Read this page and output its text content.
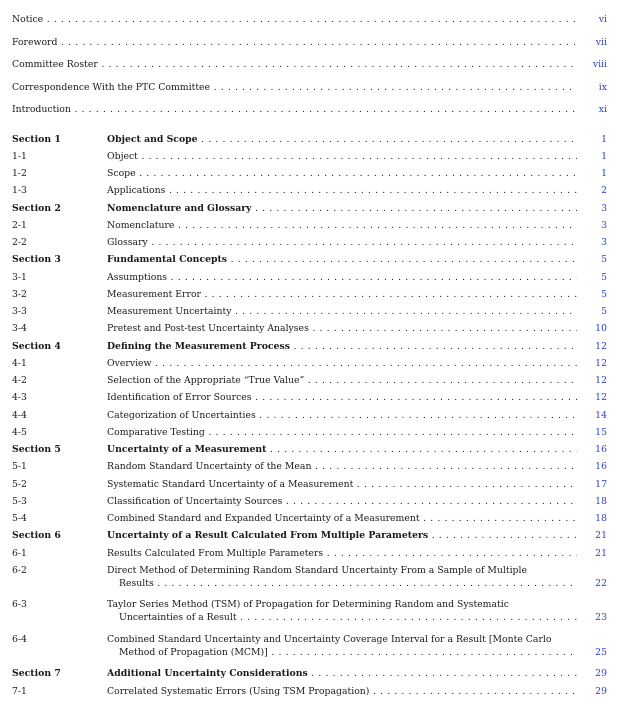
Notice . . .	vi
Foreword . . .	vii
Committee Roster . . .	viii
Correspondence With the PTC Committee . . .	ix
Introduction . . .	xi
Section 1	Object and Scope . . .	1
1-1	Object . . .	1
1-2	Scope . . .	1
1-3	Applications . . .	2
Section 2	Nomenclature and Glossary . . .	3
2-1	Nomenclature . . .	3
2-2	Glossary . . .	3
Section 3	Fundamental Concepts . . .	5
3-1	Assumptions . . .	5
3-2	Measurement Error . . .	5
3-3	Measurement Uncertainty . . .	5
3-4	Pretest and Post-test Uncertainty Analyses . . .	10
Section 4	Defining the Measurement Process . . .	12
4-1	Overview . . .	12
4-2	Selection of the Appropriate “True Value” . . .	12
4-3	Identification of Error Sources . . .	12
4-4	Categorization of Uncertainties . . .	14
4-5	Comparative Testing . . .	15
Section 5	Uncertainty of a Measurement . . .	16
5-1	Random Standard Uncertainty of the Mean . . .	16
5-2	Systematic Standard Uncertainty of a Measurement . . .	17
5-3	Classification of Uncertainty Sources . . .	18
5-4	Combined Standard and Expanded Uncertainty of a Measurement . . .	18
Section 6	Uncertainty of a Result Calculated From Multiple Parameters . . .	21
6-1	Results Calculated From Multiple Parameters . . .	21
6-2	Direct Method of Determining Random Standard Uncertainty From a Sample of Multiple
Results . . .	22
6-3	Taylor Series Method (TSM) of Propagation for Determining Random and Systematic
Uncertainties of a Result . . .	23
6-4	Combined Standard Uncertainty and Uncertainty Coverage Interval for a Result [Monte Carlo
Method of Propagation (MCM)] . . .	25
Section 7	Additional Uncertainty Considerations . . .	29
7-1	Correlated Systematic Errors (Using TSM Propagation) . . .	29
